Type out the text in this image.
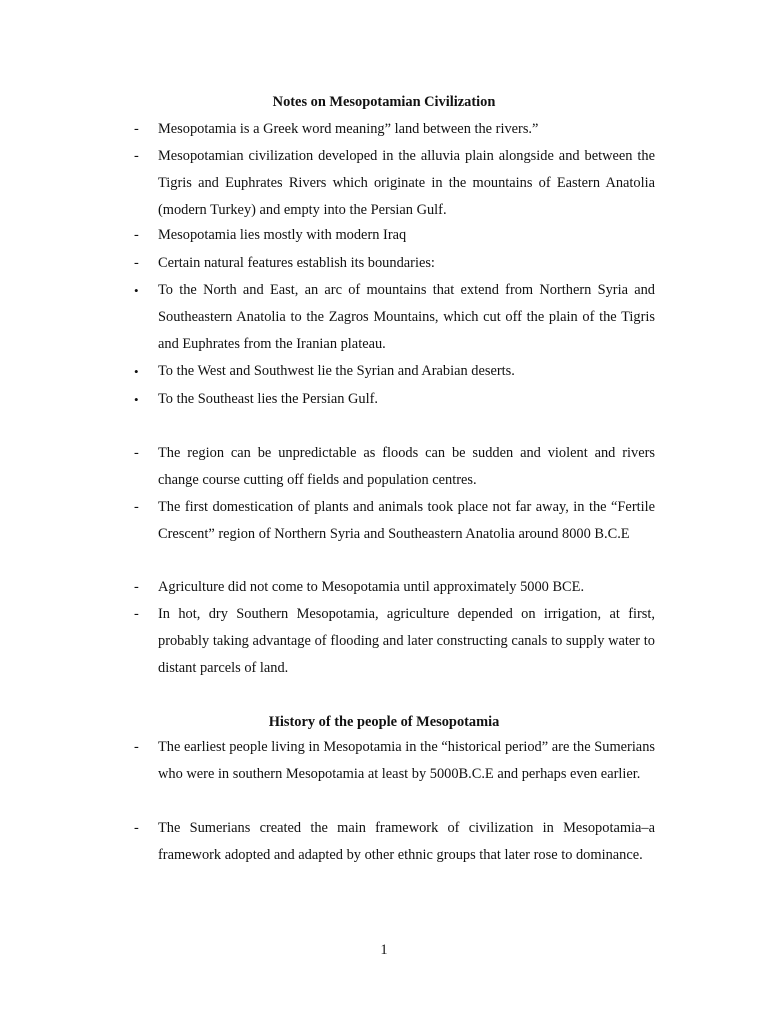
Notes on Mesopotamian Civilization
- Mesopotamia is a Greek word meaning” land between the rivers.”
- Mesopotamian civilization developed in the alluvia plain alongside and between the Tigris and Euphrates Rivers which originate in the mountains of Eastern Anatolia (modern Turkey) and empty into the Persian Gulf.
- Mesopotamia lies mostly with modern Iraq
- Certain natural features establish its boundaries:
• To the North and East, an arc of mountains that extend from Northern Syria and Southeastern Anatolia to the Zagros Mountains, which cut off the plain of the Tigris and Euphrates from the Iranian plateau.
• To the West and Southwest lie the Syrian and Arabian deserts.
• To the Southeast lies the Persian Gulf.
- The region can be unpredictable as floods can be sudden and violent and rivers change course cutting off fields and population centres.
- The first domestication of plants and animals took place not far away, in the “Fertile Crescent” region of Northern Syria and Southeastern Anatolia around 8000 B.C.E
- Agriculture did not come to Mesopotamia until approximately 5000 BCE.
- In hot, dry Southern Mesopotamia, agriculture depended on irrigation, at first, probably taking advantage of flooding and later constructing canals to supply water to distant parcels of land.
History of the people of Mesopotamia
- The earliest people living in Mesopotamia in the “historical period” are the Sumerians who were in southern Mesopotamia at least by 5000B.C.E and perhaps even earlier.
- The Sumerians created the main framework of civilization in Mesopotamia–a framework adopted and adapted by other ethnic groups that later rose to dominance.
1
